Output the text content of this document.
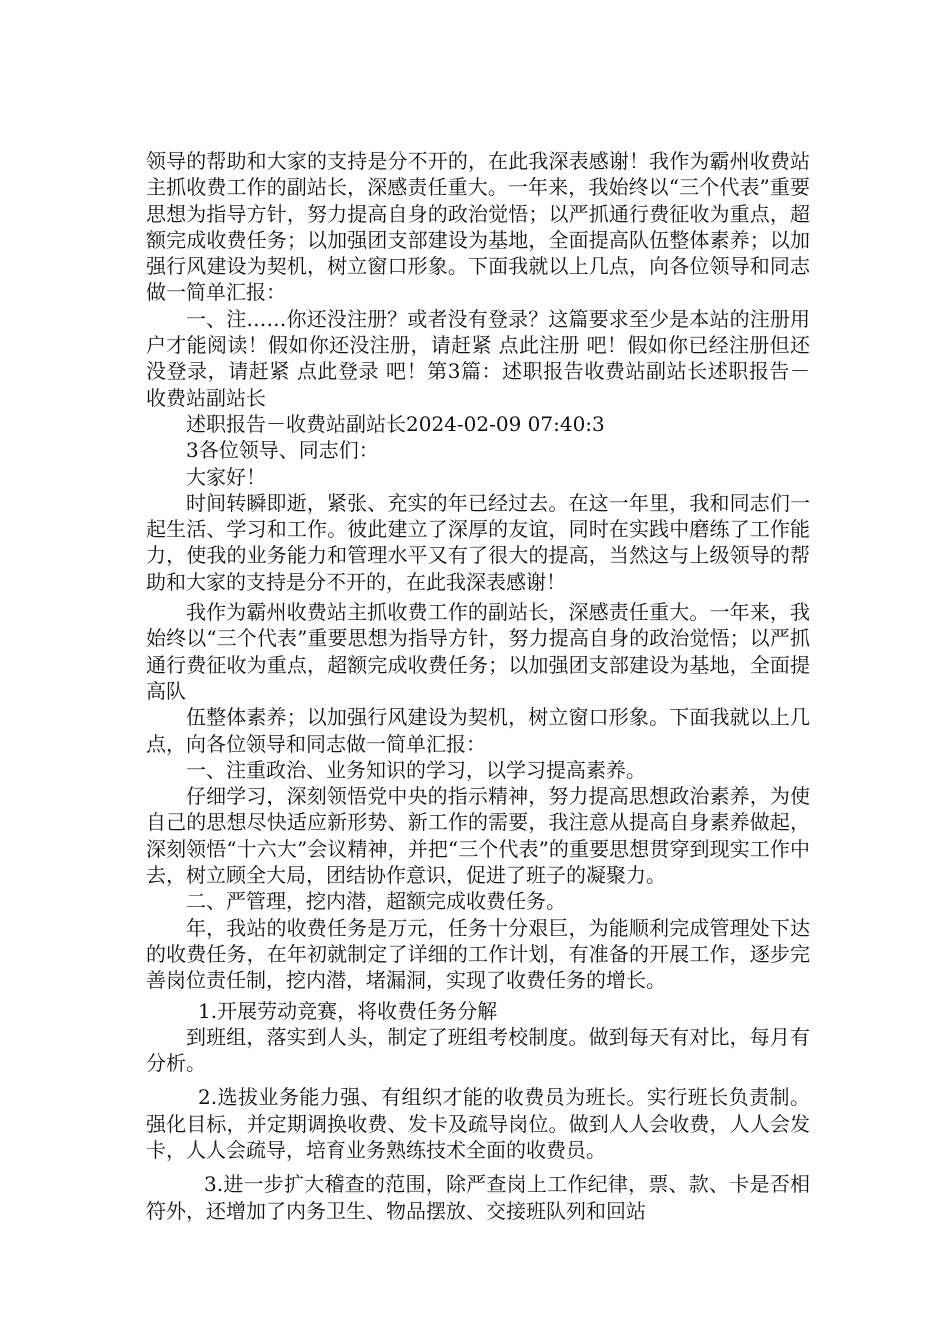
领导的帮助和大家的支持是分不开的，在此我深表感谢！我作为霸州收费站主抓收费工作的副站长，深感责任重大。一年来，我始终以“三个代表”重要思想为指导方针，努力提高自身的政治觉悟；以严抓通行费征收为重点，超额完成收费任务；以加强团支部建设为基地，全面提高队伍整体素养；以加强行风建设为契机，树立窗口形象。下面我就以上几点，向各位领导和同志做一简单汇报：

一、注……你还没注册？或者没有登录？这篇要求至少是本站的注册用户才能阅读！假如你还没注册，请赶紧 点此注册 吧！假如你已经注册但还没登录，请赶紧 点此登录 吧！第3篇：述职报告收费站副站长述职报告－收费站副站长

述职报告－收费站副站长2024-02-09 07:40:3

3各位领导、同志们：

大家好！

时间转瞬即逝，紧张、充实的年已经过去。在这一年里，我和同志们一起生活、学习和工作。彼此建立了深厚的友谊，同时在实践中磨练了工作能力，使我的业务能力和管理水平又有了很大的提高，当然这与上级领导的帮助和大家的支持是分不开的，在此我深表感谢！

我作为霸州收费站主抓收费工作的副站长，深感责任重大。一年来，我始终以“三个代表”重要思想为指导方针，努力提高自身的政治觉悟；以严抓通行费征收为重点，超额完成收费任务；以加强团支部建设为基地，全面提高队

伍整体素养；以加强行风建设为契机，树立窗口形象。下面我就以上几点，向各位领导和同志做一简单汇报：

一、注重政治、业务知识的学习，以学习提高素养。

仔细学习，深刻领悟党中央的指示精神，努力提高思想政治素养，为使自己的思想尽快适应新形势、新工作的需要，我注意从提高自身素养做起，深刻领悟“十六大”会议精神，并把“三个代表”的重要思想贯穿到现实工作中去，树立顾全大局，团结协作意识，促进了班子的凝聚力。

二、严管理，挖内潜，超额完成收费任务。

年，我站的收费任务是万元，任务十分艰巨，为能顺利完成管理处下达的收费任务，在年初就制定了详细的工作计划，有准备的开展工作，逐步完善岗位责任制，挖内潜，堵漏洞，实现了收费任务的增长。

1.开展劳动竞赛，将收费任务分解

到班组，落实到人头，制定了班组考校制度。做到每天有对比，每月有分析。

2.选拔业务能力强、有组织才能的收费员为班长。实行班长负责制。强化目标，并定期调换收费、发卡及疏导岗位。做到人人会收费，人人会发卡，人人会疏导，培育业务熟练技术全面的收费员。

3.进一步扩大稽查的范围，除严查岗上工作纪律，票、款、卡是否相符外，还增加了内务卫生、物品摆放、交接班队列和回站
